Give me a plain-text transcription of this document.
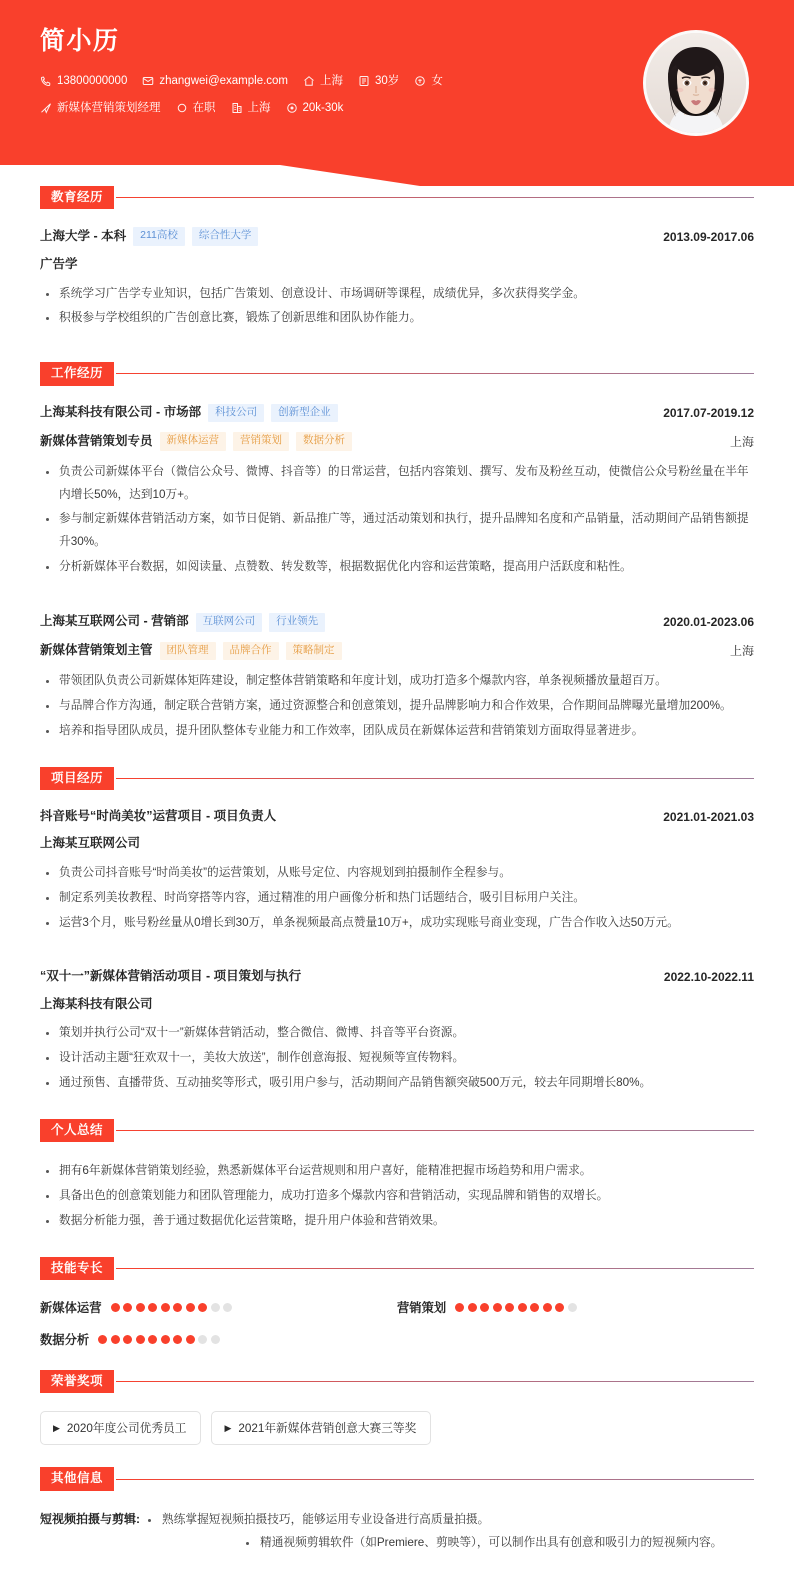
简小历
13800000000	zhangwei@example.com	上海	30岁	女
新媒体营销策划经理	在职	上海	20k-30k
教育经历
上海大学 - 本科	211高校	综合性大学	2013.09-2017.06
广告学
系统学习广告学专业知识，包括广告策划、创意设计、市场调研等课程，成绩优异，多次获得奖学金。
积极参与学校组织的广告创意比赛，锻炼了创新思维和团队协作能力。
工作经历
上海某科技有限公司 - 市场部	科技公司	创新型企业	2017.07-2019.12
新媒体营销策划专员	新媒体运营	营销策划	数据分析	上海
负责公司新媒体平台（微信公众号、微博、抖音等）的日常运营，包括内容策划、撰写、发布及粉丝互动，使微信公众号粉丝量在半年内增长50%，达到10万+。
参与制定新媒体营销活动方案，如节日促销、新品推广等，通过活动策划和执行，提升品牌知名度和产品销量，活动期间产品销售额提升30%。
分析新媒体平台数据，如阅读量、点赞数、转发数等，根据数据优化内容和运营策略，提高用户活跃度和粘性。
上海某互联网公司 - 营销部	互联网公司	行业领先	2020.01-2023.06
新媒体营销策划主管	团队管理	品牌合作	策略制定	上海
带领团队负责公司新媒体矩阵建设，制定整体营销策略和年度计划，成功打造多个爆款内容，单条视频播放量超百万。
与品牌合作方沟通，制定联合营销方案，通过资源整合和创意策划，提升品牌影响力和合作效果，合作期间品牌曝光量增加200%。
培养和指导团队成员，提升团队整体专业能力和工作效率，团队成员在新媒体运营和营销策划方面取得显著进步。
项目经历
抖音账号“时尚美妆”运营项目 - 项目负责人	2021.01-2021.03
上海某互联网公司
负责公司抖音账号“时尚美妆”的运营策划，从账号定位、内容规划到拍摄制作全程参与。
制定系列美妆教程、时尚穿搭等内容，通过精准的用户画像分析和热门话题结合，吸引目标用户关注。
运营3个月，账号粉丝量从0增长到30万，单条视频最高点赞量10万+，成功实现账号商业变现，广告合作收入达50万元。
“双十一”新媒体营销活动项目 - 项目策划与执行	2022.10-2022.11
上海某科技有限公司
策划并执行公司“双十一”新媒体营销活动，整合微信、微博、抖音等平台资源。
设计活动主题“狂欢双十一，美妆大放送”，制作创意海报、短视频等宣传物料。
通过预售、直播带货、互动抽奖等形式，吸引用户参与，活动期间产品销售额突破500万元，较去年同期增长80%。
个人总结
拥有6年新媒体营销策划经验，熟悉新媒体平台运营规则和用户喜好，能精准把握市场趋势和用户需求。
具备出色的创意策划能力和团队管理能力，成功打造多个爆款内容和营销活动，实现品牌和销售的双增长。
数据分析能力强，善于通过数据优化运营策略，提升用户体验和营销效果。
技能专长
新媒体运营	营销策划
数据分析
荣誉奖项
▶ 2020年度公司优秀员工	▶ 2021年新媒体营销创意大赛三等奖
其他信息
短视频拍摄与剪辑:	熟练掌握短视频拍摄技巧，能够运用专业设备进行高质量拍摄。
精通视频剪辑软件（如Premiere、剪映等），可以制作出具有创意和吸引力的短视频内容。
